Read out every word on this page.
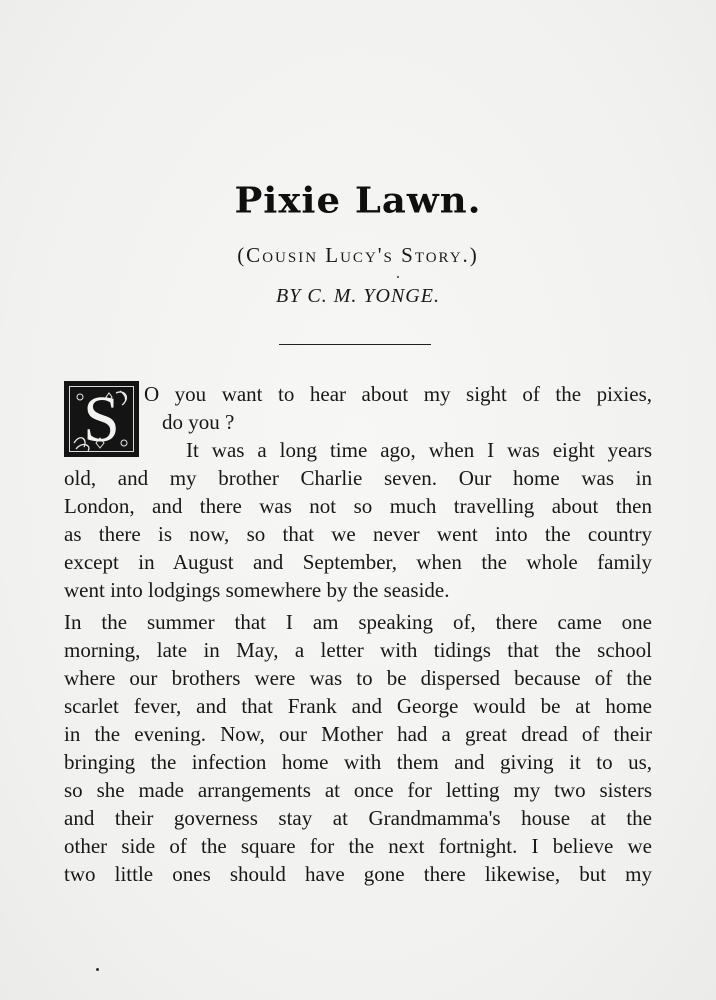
Pixie Lawn.
(Cousin Lucy's Story.)
BY C. M. YONGE.
S	O you want to hear about my sight of the pixies,
do you ?
It was a long time ago, when I was eight years
old, and my brother Charlie seven. Our home was in
London, and there was not so much travelling about then
as there is now, so that we never went into the country
except in August and September, when the whole family
went into lodgings somewhere by the seaside.
In the summer that I am speaking of, there came one
morning, late in May, a letter with tidings that the school
where our brothers were was to be dispersed because of the
scarlet fever, and that Frank and George would be at home
in the evening. Now, our Mother had a great dread of their
bringing the infection home with them and giving it to us,
so she made arrangements at once for letting my two sisters
and their governess stay at Grandmamma's house at the
other side of the square for the next fortnight. I believe we
two little ones should have gone there likewise, but my
